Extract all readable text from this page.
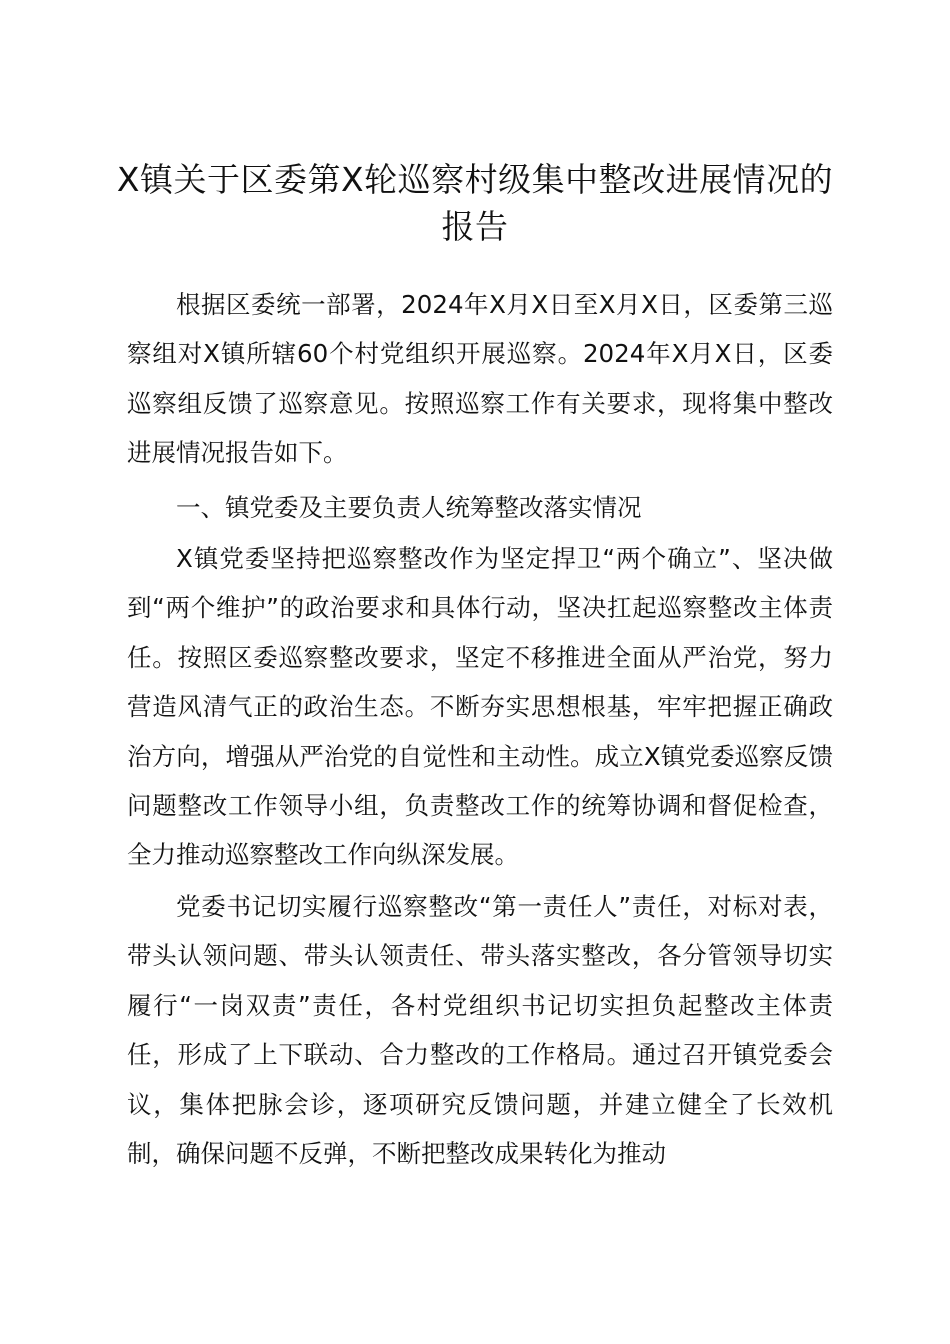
X镇关于区委第X轮巡察村级集中整改进展情况的报告

根据区委统一部署，2024年X月X日至X月X日，区委第三巡察组对X镇所辖60个村党组织开展巡察。2024年X月X日，区委巡察组反馈了巡察意见。按照巡察工作有关要求，现将集中整改进展情况报告如下。

一、镇党委及主要负责人统筹整改落实情况

X镇党委坚持把巡察整改作为坚定捍卫“两个确立”、坚决做到“两个维护”的政治要求和具体行动，坚决扛起巡察整改主体责任。按照区委巡察整改要求，坚定不移推进全面从严治党，努力营造风清气正的政治生态。不断夯实思想根基，牢牢把握正确政治方向，增强从严治党的自觉性和主动性。成立X镇党委巡察反馈问题整改工作领导小组，负责整改工作的统筹协调和督促检查，全力推动巡察整改工作向纵深发展。

党委书记切实履行巡察整改“第一责任人”责任，对标对表，带头认领问题、带头认领责任、带头落实整改，各分管领导切实履行“一岗双责”责任，各村党组织书记切实担负起整改主体责任，形成了上下联动、合力整改的工作格局。通过召开镇党委会议，集体把脉会诊，逐项研究反馈问题，并建立健全了长效机制，确保问题不反弹，不断把整改成果转化为推动
